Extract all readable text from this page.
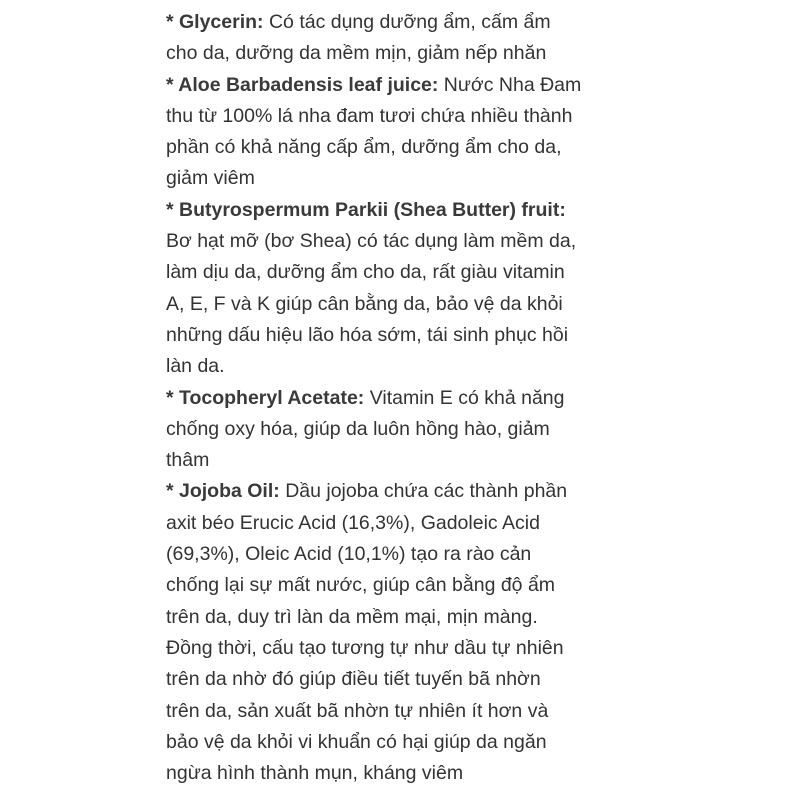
* Glycerin: Có tác dụng dưỡng ẩm, cấm ẩm
cho da, dưỡng da mềm mịn, giảm nếp nhăn

* Aloe Barbadensis leaf juice: Nước Nha Đam
thu từ 100% lá nha đam tươi chứa nhiều thành
phần có khả năng cấp ẩm, dưỡng ẩm cho da,
giảm viêm

* Butyrospermum Parkii (Shea Butter) fruit:
Bơ hạt mỡ (bơ Shea) có tác dụng làm mềm da,
làm dịu da, dưỡng ẩm cho da, rất giàu vitamin
A, E, F và K giúp cân bằng da, bảo vệ da khỏi
những dấu hiệu lão hóa sớm, tái sinh phục hồi
làn da.

* Tocopheryl Acetate: Vitamin E có khả năng
chống oxy hóa, giúp da luôn hồng hào, giảm
thâm

* Jojoba Oil: Dầu jojoba chứa các thành phần
axit béo Erucic Acid (16,3%), Gadoleic Acid
(69,3%), Oleic Acid (10,1%) tạo ra rào cản
chống lại sự mất nước, giúp cân bằng độ ẩm
trên da, duy trì làn da mềm mại, mịn màng.
Đồng thời, cấu tạo tương tự như dầu tự nhiên
trên da nhờ đó giúp điều tiết tuyến bã nhờn
trên da, sản xuất bã nhờn tự nhiên ít hơn và
bảo vệ da khỏi vi khuẩn có hại giúp da ngăn
ngừa hình thành mụn, kháng viêm
